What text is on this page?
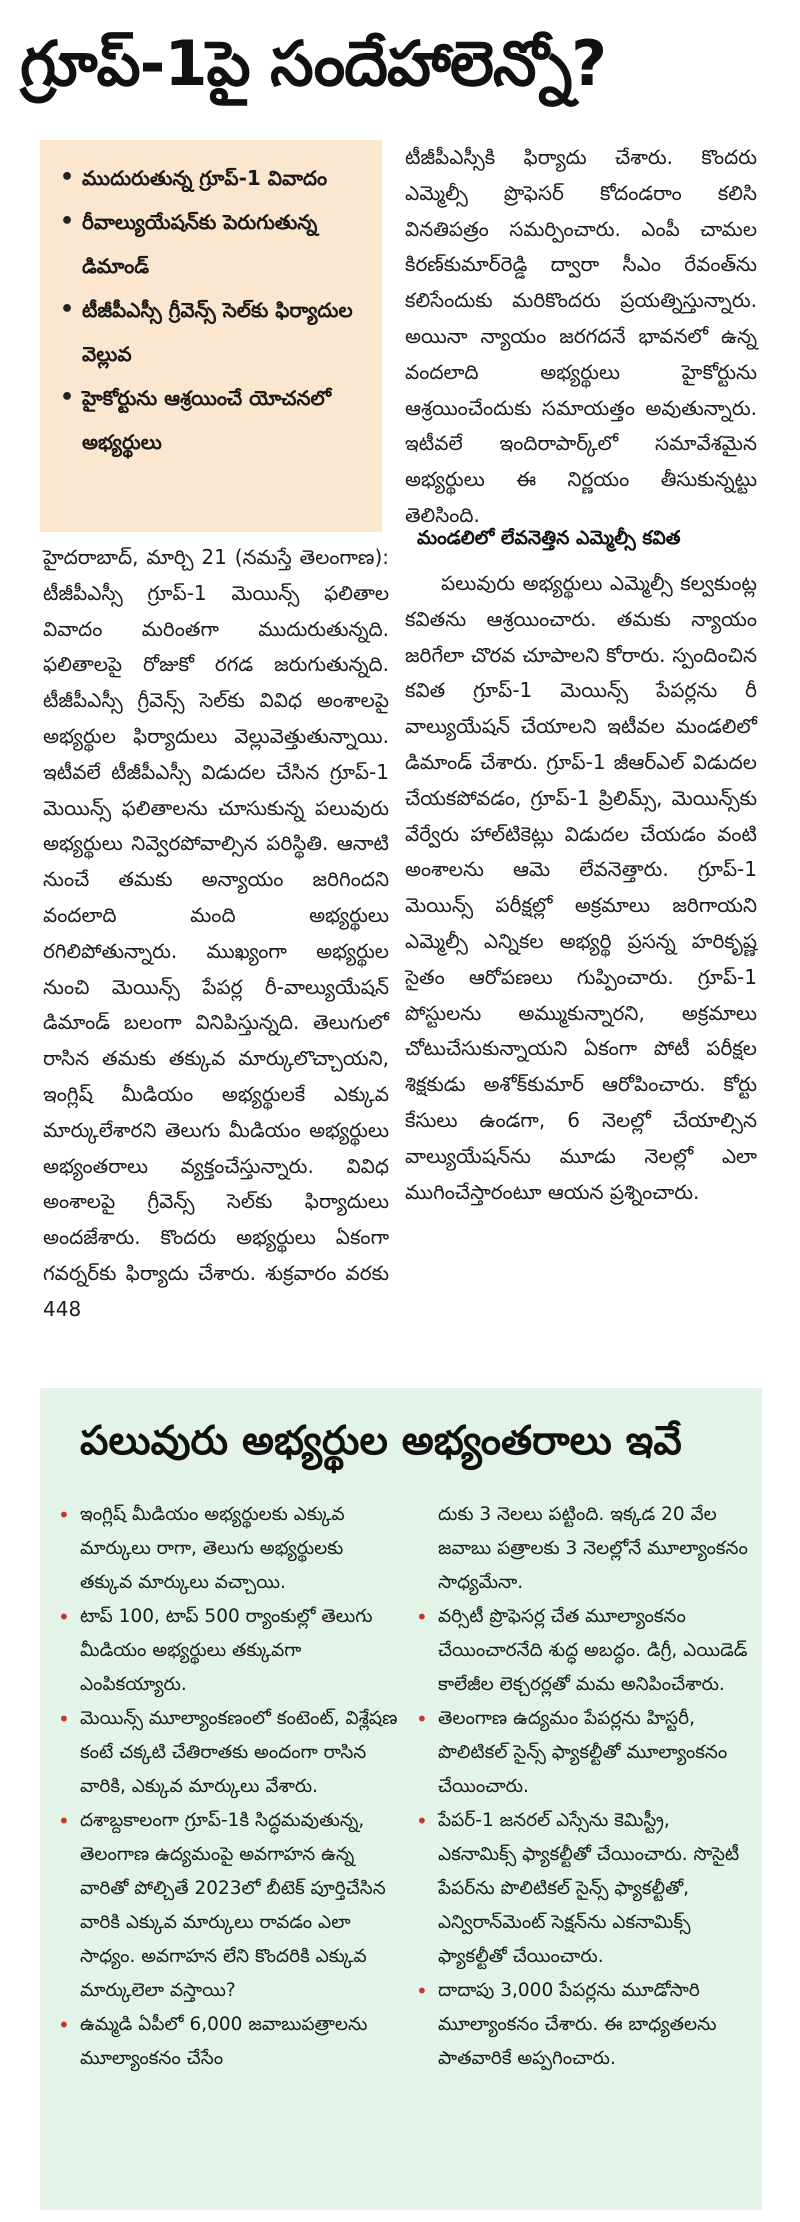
గ్రూప్‌-1పై సందేహాలెన్నో?
• ముదురుతున్న గ్రూప్‌-1 వివాదం
• రీవాల్యుయేషన్‌కు పెరుగుతున్న డిమాండ్‌
• టీజీపీఎస్సీ గ్రీవెన్స్‌ సెల్‌కు ఫిర్యాదుల వెల్లువ
• హైకోర్టును ఆశ్రయించే యోచనలో అభ్యర్థులు

హైదరాబాద్‌, మార్చి 21 (నమస్తే తెలంగాణ): టీజీపీఎస్సీ గ్రూప్‌-1 మెయిన్స్‌ ఫలితాల వివాదం మరింతగా ముదురుతున్నది. ఫలితాలపై రోజుకో రగడ జరుగుతున్నది. టీజీపీఎస్సీ గ్రీవెన్స్‌ సెల్‌కు వివిధ అంశాలపై అభ్యర్థుల ఫిర్యాదులు వెల్లువెత్తుతున్నాయి. ఇటీవలే టీజీపీఎస్సీ విడుదల చేసిన గ్రూప్‌-1 మెయిన్స్‌ ఫలితాలను చూసుకున్న పలువురు అభ్యర్థులు నివ్వెరపోవాల్సిన పరిస్థితి. ఆనాటి నుంచే తమకు అన్యాయం జరిగిందని వందలాది మంది అభ్యర్థులు రగిలిపోతున్నారు. ముఖ్యంగా అభ్యర్థుల నుంచి మెయిన్స్‌ పేపర్ల రీ-వాల్యుయేషన్‌ డిమాండ్‌ బలంగా వినిపిస్తున్నది. తెలుగులో రాసిన తమకు తక్కువ మార్కులొచ్చాయని, ఇంగ్లిష్‌ మీడియం అభ్యర్థులకే ఎక్కువ మార్కులేశారని తెలుగు మీడియం అభ్యర్థులు అభ్యంతరాలు వ్యక్తంచేస్తున్నారు. వివిధ అంశాలపై గ్రీవెన్స్‌ సెల్‌కు ఫిర్యాదులు అందజేశారు. కొందరు అభ్యర్థులు ఏకంగా గవర్నర్‌కు ఫిర్యాదు చేశారు. శుక్రవారం వరకు 448

టీజీపీఎస్సీకి ఫిర్యాదు చేశారు. కొందరు ఎమ్మెల్సీ ప్రొఫెసర్‌ కోదండరాం కలిసి వినతిపత్రం సమర్పించారు. ఎంపీ చామల కిరణ్‌కుమార్‌రెడ్డి ద్వారా సీఎం రేవంత్‌ను కలిసేందుకు మరికొందరు ప్రయత్నిస్తున్నారు. అయినా న్యాయం జరగదనే భావనలో ఉన్న వందలాది అభ్యర్థులు హైకోర్టును ఆశ్రయించేందుకు సమాయత్తం అవుతున్నారు. ఇటీవలే ఇందిరాపార్క్‌లో సమావేశమైన అభ్యర్థులు ఈ నిర్ణయం తీసుకున్నట్టు తెలిసింది.

మండలిలో లేవనెత్తిన ఎమ్మెల్సీ కవిత

పలువురు అభ్యర్థులు ఎమ్మెల్సీ కల్వకుంట్ల కవితను ఆశ్రయించారు. తమకు న్యాయం జరిగేలా చొరవ చూపాలని కోరారు. స్పందించిన కవిత గ్రూప్‌-1 మెయిన్స్‌ పేపర్లను రీ వాల్యుయేషన్‌ చేయాలని ఇటీవల మండలిలో డిమాండ్‌ చేశారు. గ్రూప్‌-1 జీఆర్‌ఎల్‌ విడుదల చేయకపోవడం, గ్రూప్‌-1 ప్రిలిమ్స్‌, మెయిన్స్‌కు వేర్వేరు హాల్‌టికెట్లు విడుదల చేయడం వంటి అంశాలను ఆమె లేవనెత్తారు. గ్రూప్‌-1 మెయిన్స్‌ పరీక్షల్లో అక్రమాలు జరిగాయని ఎమ్మెల్సీ ఎన్నికల అభ్యర్థి ప్రసన్న హరికృష్ణ సైతం ఆరోపణలు గుప్పించారు. గ్రూప్‌-1 పోస్టులను అమ్ముకున్నారని, అక్రమాలు చోటుచేసుకున్నాయని ఏకంగా పోటీ పరీక్షల శిక్షకుడు అశోక్‌కుమార్‌ ఆరోపించారు. కోర్టు కేసులు ఉండగా, 6 నెలల్లో చేయాల్సిన వాల్యుయేషన్‌ను మూడు నెలల్లో ఎలా ముగించేస్తారంటూ ఆయన ప్రశ్నించారు.

పలువురు అభ్యర్థుల అభ్యంతరాలు ఇవే
• ఇంగ్లిష్‌ మీడియం అభ్యర్థులకు ఎక్కువ మార్కులు రాగా, తెలుగు అభ్యర్థులకు తక్కువ మార్కులు వచ్చాయి.
• టాప్‌ 100, టాప్‌ 500 ర్యాంకుల్లో తెలుగు మీడియం అభ్యర్థులు తక్కువగా ఎంపికయ్యారు.
• మెయిన్స్‌ మూల్యాంకణంలో కంటెంట్‌, విశ్లేషణ కంటే చక్కటి చేతిరాతకు అందంగా రాసిన వారికి, ఎక్కువ మార్కులు వేశారు.
• దశాబ్దకాలంగా గ్రూప్‌-1కి సిద్ధమవుతున్న, తెలంగాణ ఉద్యమంపై అవగాహన ఉన్న వారితో పోల్చితే 2023లో బీటెక్‌ పూర్తిచేసిన వారికి ఎక్కువ మార్కులు రావడం ఎలా సాధ్యం. అవగాహన లేని కొందరికి ఎక్కువ మార్కులెలా వస్తాయి?
• ఉమ్మడి ఏపీలో 6,000 జవాబుపత్రాలను మూల్యాంకనం చేసేం
దుకు 3 నెలలు పట్టింది. ఇక్కడ 20 వేల జవాబు పత్రాలకు 3 నెలల్లోనే మూల్యాంకనం సాధ్యమేనా.
• వర్సిటీ ప్రొఫెసర్ల చేత మూల్యాంకనం చేయించారనేది శుద్ధ అబద్ధం. డిగ్రీ, ఎయిడెడ్‌ కాలేజీల లెక్చరర్లతో మమ అనిపించేశారు.
• తెలంగాణ ఉద్యమం పేపర్లను హిస్టరీ, పొలిటికల్‌ సైన్స్‌ ఫ్యాకల్టీతో మూల్యాంకనం చేయించారు.
• పేపర్‌-1 జనరల్‌ ఎస్సేను కెమిస్ట్రీ, ఎకనామిక్స్‌ ఫ్యాకల్టీతో చేయించారు. సొసైటీ పేపర్‌ను పొలిటికల్‌ సైన్స్‌ ఫ్యాకల్టీతో, ఎన్విరాన్‌మెంట్‌ సెక్షన్‌ను ఎకనామిక్స్‌ ఫ్యాకల్టీతో చేయించారు.
• దాదాపు 3,000 పేపర్లను మూడోసారి మూల్యాంకనం చేశారు. ఈ బాధ్యతలను పాతవారికే అప్పగించారు.
